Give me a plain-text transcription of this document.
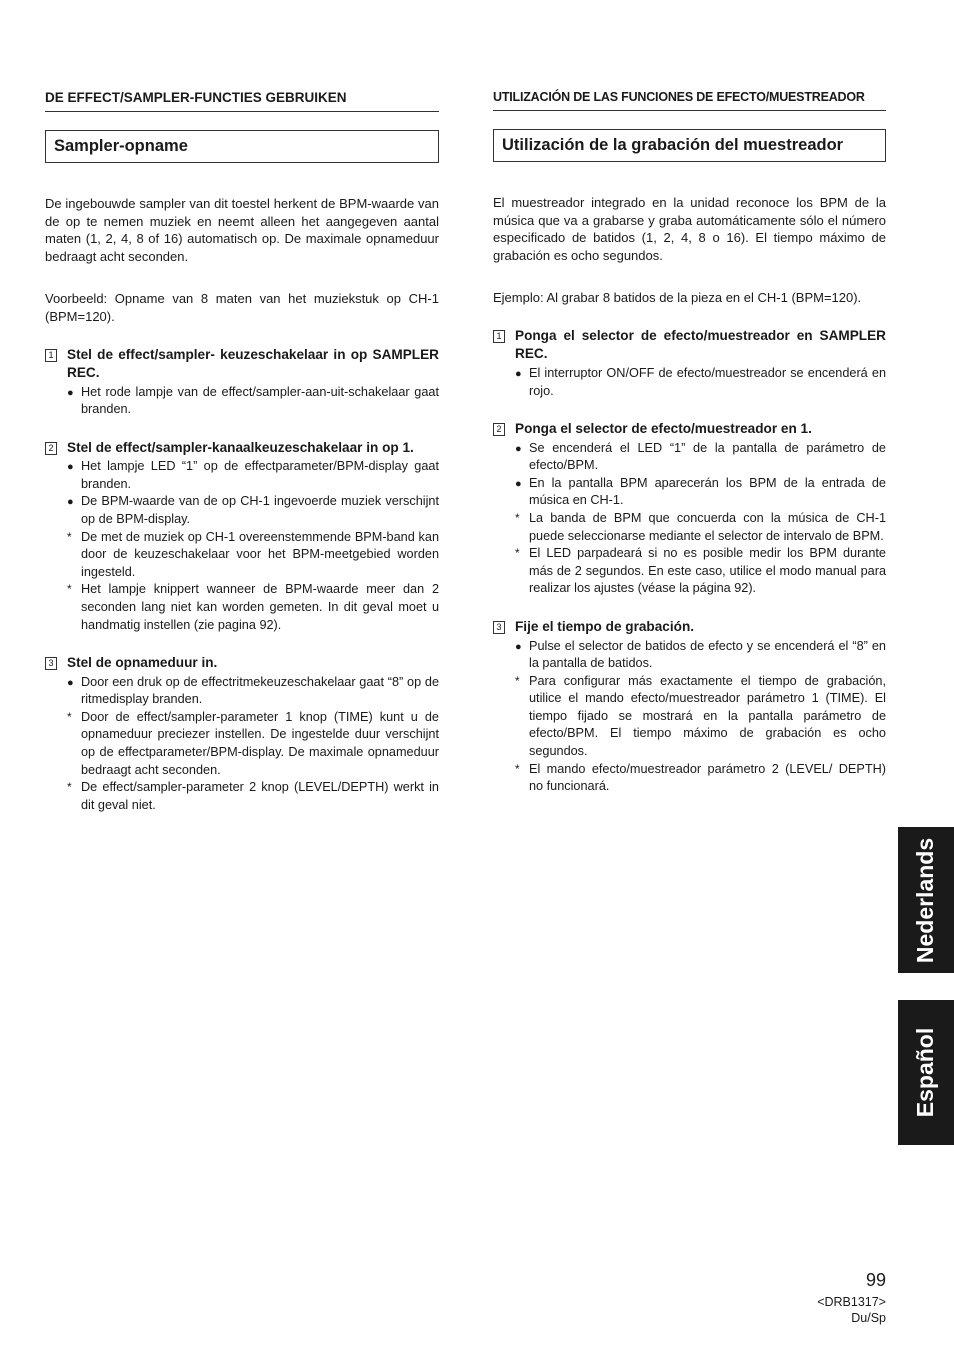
DE EFFECT/SAMPLER-FUNCTIES GEBRUIKEN
Sampler-opname

De ingebouwde sampler van dit toestel herkent de BPM-waarde van de op te nemen muziek en neemt alleen het aangegeven aantal maten (1, 2, 4, 8 of 16) automatisch op. De maximale opnameduur bedraagt acht seconden.

Voorbeeld: Opname van 8 maten van het muziekstuk op CH-1 (BPM=120).

1 Stel de effect/sampler- keuzeschakelaar in op SAMPLER REC.
● Het rode lampje van de effect/sampler-aan-uit-schakelaar gaat branden.
2 Stel de effect/sampler-kanaalkeuzeschakelaar in op 1.
● Het lampje LED “1” op de effectparameter/BPM-display gaat branden.
● De BPM-waarde van de op CH-1 ingevoerde muziek verschijnt op de BPM-display.
* De met de muziek op CH-1 overeenstemmende BPM-band kan door de keuzeschakelaar voor het BPM-meetgebied worden ingesteld.
* Het lampje knippert wanneer de BPM-waarde meer dan 2 seconden lang niet kan worden gemeten. In dit geval moet u handmatig instellen (zie pagina 92).
3 Stel de opnameduur in.
● Door een druk op de effectritmekeuzeschakelaar gaat “8” op de ritmedisplay branden.
* Door de effect/sampler-parameter 1 knop (TIME) kunt u de opnameduur preciezer instellen. De ingestelde duur verschijnt op de effectparameter/BPM-display. De maximale opnameduur bedraagt acht seconden.
* De effect/sampler-parameter 2 knop (LEVEL/DEPTH) werkt in dit geval niet.
UTILIZACIÓN DE LAS FUNCIONES DE EFECTO/MUESTREADOR
Utilización de la grabación del muestreador

El muestreador integrado en la unidad reconoce los BPM de la música que va a grabarse y graba automáticamente sólo el número especificado de batidos (1, 2, 4, 8 o 16). El tiempo máximo de grabación es ocho segundos.

Ejemplo: Al grabar 8 batidos de la pieza en el CH-1 (BPM=120).

1 Ponga el selector de efecto/muestreador en SAMPLER REC.
● El interruptor ON/OFF de efecto/muestreador se encenderá en rojo.
2 Ponga el selector de efecto/muestreador en 1.
● Se encenderá el LED “1” de la pantalla de parámetro de efecto/BPM.
● En la pantalla BPM aparecerán los BPM de la entrada de música en CH-1.
* La banda de BPM que concuerda con la música de CH-1 puede seleccionarse mediante el selector de intervalo de BPM.
* El LED parpadeará si no es posible medir los BPM durante más de 2 segundos. En este caso, utilice el modo manual para realizar los ajustes (véase la página 92).
3 Fije el tiempo de grabación.
● Pulse el selector de batidos de efecto y se encenderá el “8” en la pantalla de batidos.
* Para configurar más exactamente el tiempo de grabación, utilice el mando efecto/muestreador parámetro 1 (TIME). El tiempo fijado se mostrará en la pantalla parámetro de efecto/BPM. El tiempo máximo de grabación es ocho segundos.
* El mando efecto/muestreador parámetro 2 (LEVEL/ DEPTH) no funcionará.
Nederlands
Español
99
<DRB1317>
Du/Sp
